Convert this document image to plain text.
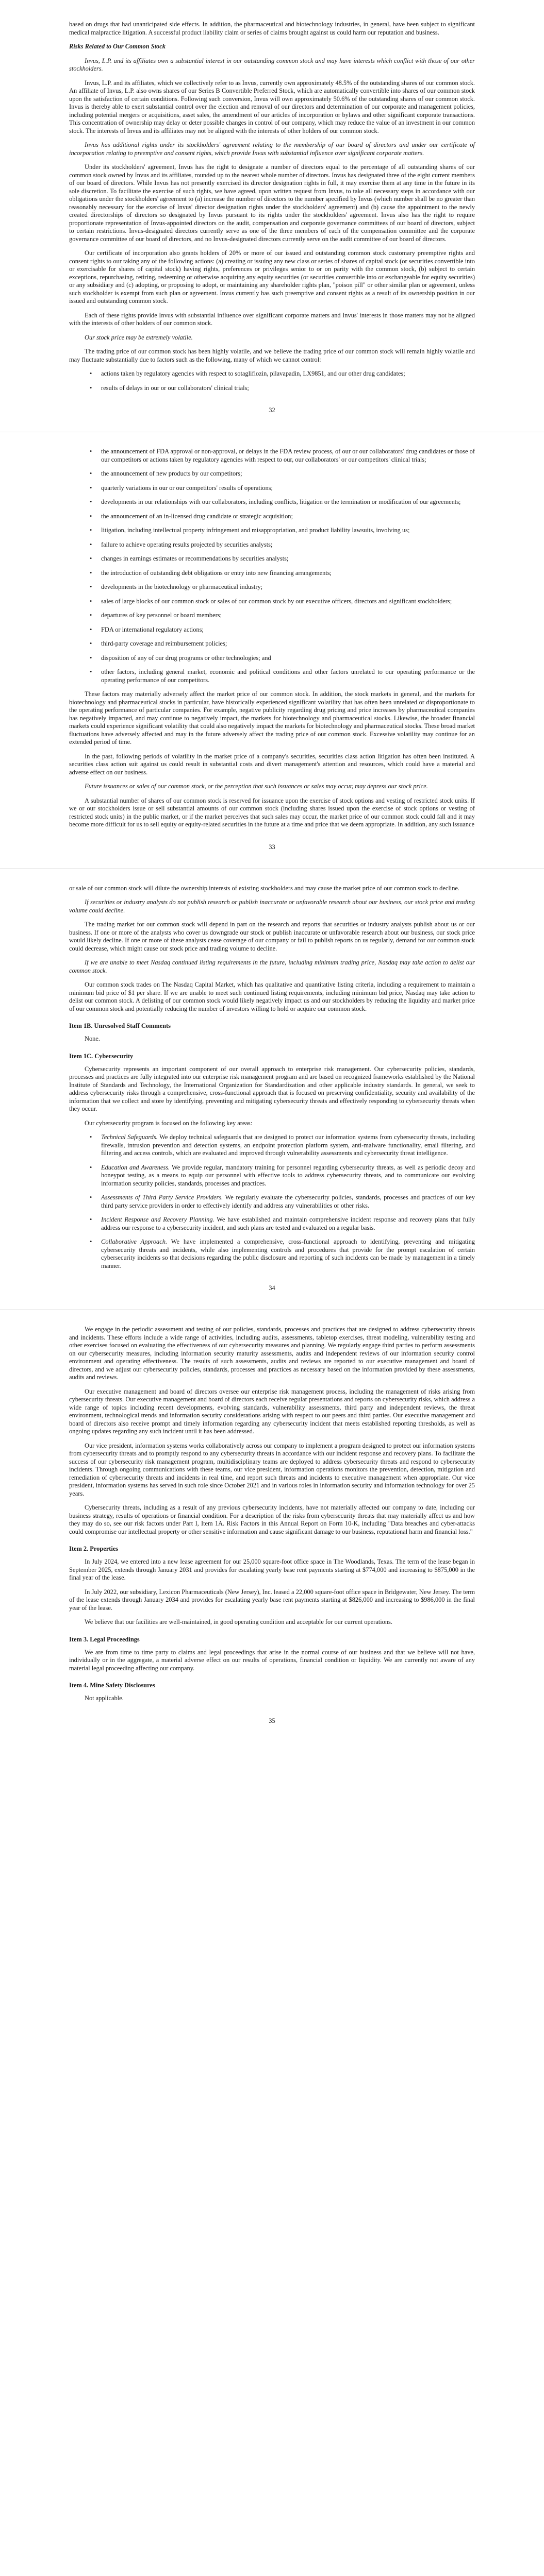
based on drugs that had unanticipated side effects. In addition, the pharmaceutical and biotechnology industries, in general, have been subject to significant medical malpractice litigation. A successful product liability claim or series of claims brought against us could harm our reputation and business.

Risks Related to Our Common Stock

Invus, L.P. and its affiliates own a substantial interest in our outstanding common stock and may have interests which conflict with those of our other stockholders.

Invus, L.P. and its affiliates, which we collectively refer to as Invus, currently own approximately 48.5% of the outstanding shares of our common stock. An affiliate of Invus, L.P. also owns shares of our Series B Convertible Preferred Stock, which are automatically convertible into shares of our common stock upon the satisfaction of certain conditions. Following such conversion, Invus will own approximately 50.6% of the outstanding shares of our common stock. Invus is thereby able to exert substantial control over the election and removal of our directors and determination of our corporate and management policies, including potential mergers or acquisitions, asset sales, the amendment of our articles of incorporation or bylaws and other significant corporate transactions. This concentration of ownership may delay or deter possible changes in control of our company, which may reduce the value of an investment in our common stock. The interests of Invus and its affiliates may not be aligned with the interests of other holders of our common stock.

Invus has additional rights under its stockholders' agreement relating to the membership of our board of directors and under our certificate of incorporation relating to preemptive and consent rights, which provide Invus with substantial influence over significant corporate matters.

Under its stockholders' agreement, Invus has the right to designate a number of directors equal to the percentage of all outstanding shares of our common stock owned by Invus and its affiliates, rounded up to the nearest whole number of directors. Invus has designated three of the eight current members of our board of directors. While Invus has not presently exercised its director designation rights in full, it may exercise them at any time in the future in its sole discretion. To facilitate the exercise of such rights, we have agreed, upon written request from Invus, to take all necessary steps in accordance with our obligations under the stockholders' agreement to (a) increase the number of directors to the number specified by Invus (which number shall be no greater than reasonably necessary for the exercise of Invus' director designation rights under the stockholders' agreement) and (b) cause the appointment to the newly created directorships of directors so designated by Invus pursuant to its rights under the stockholders' agreement. Invus also has the right to require proportionate representation of Invus-appointed directors on the audit, compensation and corporate governance committees of our board of directors, subject to certain restrictions. Invus-designated directors currently serve as one of the three members of each of the compensation committee and the corporate governance committee of our board of directors, and no Invus-designated directors currently serve on the audit committee of our board of directors.

Our certificate of incorporation also grants holders of 20% or more of our issued and outstanding common stock customary preemptive rights and consent rights to our taking any of the following actions: (a) creating or issuing any new class or series of shares of capital stock (or securities convertible into or exercisable for shares of capital stock) having rights, preferences or privileges senior to or on parity with the common stock, (b) subject to certain exceptions, repurchasing, retiring, redeeming or otherwise acquiring any equity securities (or securities convertible into or exchangeable for equity securities) or any subsidiary and (c) adopting, or proposing to adopt, or maintaining any shareholder rights plan, "poison pill" or other similar plan or agreement, unless such stockholder is exempt from such plan or agreement. Invus currently has such preemptive and consent rights as a result of its ownership position in our issued and outstanding common stock.

Each of these rights provide Invus with substantial influence over significant corporate matters and Invus' interests in those matters may not be aligned with the interests of other holders of our common stock.

Our stock price may be extremely volatile.

The trading price of our common stock has been highly volatile, and we believe the trading price of our common stock will remain highly volatile and may fluctuate substantially due to factors such as the following, many of which we cannot control:

• actions taken by regulatory agencies with respect to sotagliflozin, pilavapadin, LX9851, and our other drug candidates;
• results of delays in our or our collaborators' clinical trials;
32
• the announcement of FDA approval or non-approval, or delays in the FDA review process, of our or our collaborators' drug candidates or those of our competitors or actions taken by regulatory agencies with respect to our, our collaborators' or our competitors' clinical trials;
• the announcement of new products by our competitors;
• quarterly variations in our or our competitors' results of operations;
• developments in our relationships with our collaborators, including conflicts, litigation or the termination or modification of our agreements;
• the announcement of an in-licensed drug candidate or strategic acquisition;
• litigation, including intellectual property infringement and misappropriation, and product liability lawsuits, involving us;
• failure to achieve operating results projected by securities analysts;
• changes in earnings estimates or recommendations by securities analysts;
• the introduction of outstanding debt obligations or entry into new financing arrangements;
• developments in the biotechnology or pharmaceutical industry;
• sales of large blocks of our common stock or sales of our common stock by our executive officers, directors and significant stockholders;
• departures of key personnel or board members;
• FDA or international regulatory actions;
• third-party coverage and reimbursement policies;
• disposition of any of our drug programs or other technologies; and
• other factors, including general market, economic and political conditions and other factors unrelated to our operating performance or the operating performance of our competitors.

These factors may materially adversely affect the market price of our common stock. In addition, the stock markets in general, and the markets for biotechnology and pharmaceutical stocks in particular, have historically experienced significant volatility that has often been unrelated or disproportionate to the operating performance of particular companies. For example, negative publicity regarding drug pricing and price increases by pharmaceutical companies has negatively impacted, and may continue to negatively impact, the markets for biotechnology and pharmaceutical stocks. Likewise, the broader financial markets could experience significant volatility that could also negatively impact the markets for biotechnology and pharmaceutical stocks. These broad market fluctuations have adversely affected and may in the future adversely affect the trading price of our common stock. Excessive volatility may continue for an extended period of time.

In the past, following periods of volatility in the market price of a company's securities, securities class action litigation has often been instituted. A securities class action suit against us could result in substantial costs and divert management's attention and resources, which could have a material and adverse effect on our business.

Future issuances or sales of our common stock, or the perception that such issuances or sales may occur, may depress our stock price.

A substantial number of shares of our common stock is reserved for issuance upon the exercise of stock options and vesting of restricted stock units. If we or our stockholders issue or sell substantial amounts of our common stock (including shares issued upon the exercise of stock options or vesting of restricted stock units) in the public market, or if the market perceives that such sales may occur, the market price of our common stock could fall and it may become more difficult for us to sell equity or equity-related securities in the future at a time and price that we deem appropriate. In addition, any such issuance

33

or sale of our common stock will dilute the ownership interests of existing stockholders and may cause the market price of our common stock to decline.

If securities or industry analysts do not publish research or publish inaccurate or unfavorable research about our business, our stock price and trading volume could decline.

The trading market for our common stock will depend in part on the research and reports that securities or industry analysts publish about us or our business. If one or more of the analysts who cover us downgrade our stock or publish inaccurate or unfavorable research about our business, our stock price would likely decline. If one or more of these analysts cease coverage of our company or fail to publish reports on us regularly, demand for our common stock could decrease, which might cause our stock price and trading volume to decline.

If we are unable to meet Nasdaq continued listing requirements in the future, including minimum trading price, Nasdaq may take action to delist our common stock.

Our common stock trades on The Nasdaq Capital Market, which has qualitative and quantitative listing criteria, including a requirement to maintain a minimum bid price of $1 per share. If we are unable to meet such continued listing requirements, including minimum bid price, Nasdaq may take action to delist our common stock. A delisting of our common stock would likely negatively impact us and our stockholders by reducing the liquidity and market price of our common stock and potentially reducing the number of investors willing to hold or acquire our common stock.

Item 1B. Unresolved Staff Comments

None.

Item 1C. Cybersecurity

Cybersecurity represents an important component of our overall approach to enterprise risk management. Our cybersecurity policies, standards, processes and practices are fully integrated into our enterprise risk management program and are based on recognized frameworks established by the National Institute of Standards and Technology, the International Organization for Standardization and other applicable industry standards. In general, we seek to address cybersecurity risks through a comprehensive, cross-functional approach that is focused on preserving confidentiality, security and availability of the information that we collect and store by identifying, preventing and mitigating cybersecurity threats and effectively responding to cybersecurity threats when they occur.

Our cybersecurity program is focused on the following key areas:

• Technical Safeguards. We deploy technical safeguards that are designed to protect our information systems from cybersecurity threats, including firewalls, intrusion prevention and detection systems, an endpoint protection platform system, anti-malware functionality, email filtering, and filtering and access controls, which are evaluated and improved through vulnerability assessments and cybersecurity threat intelligence.
• Education and Awareness. We provide regular, mandatory training for personnel regarding cybersecurity threats, as well as periodic decoy and honeypot testing, as a means to equip our personnel with effective tools to address cybersecurity threats, and to communicate our evolving information security policies, standards, processes and practices.
• Assessments of Third Party Service Providers. We regularly evaluate the cybersecurity policies, standards, processes and practices of our key third party service providers in order to effectively identify and address any vulnerabilities or other risks.
• Incident Response and Recovery Planning. We have established and maintain comprehensive incident response and recovery plans that fully address our response to a cybersecurity incident, and such plans are tested and evaluated on a regular basis.
• Collaborative Approach. We have implemented a comprehensive, cross-functional approach to identifying, preventing and mitigating cybersecurity threats and incidents, while also implementing controls and procedures that provide for the prompt escalation of certain cybersecurity incidents so that decisions regarding the public disclosure and reporting of such incidents can be made by management in a timely manner.
34

We engage in the periodic assessment and testing of our policies, standards, processes and practices that are designed to address cybersecurity threats and incidents. These efforts include a wide range of activities, including audits, assessments, tabletop exercises, threat modeling, vulnerability testing and other exercises focused on evaluating the effectiveness of our cybersecurity measures and planning. We regularly engage third parties to perform assessments on our cybersecurity measures, including information security maturity assessments, audits and independent reviews of our information security control environment and operating effectiveness. The results of such assessments, audits and reviews are reported to our executive management and board of directors, and we adjust our cybersecurity policies, standards, processes and practices as necessary based on the information provided by these assessments, audits and reviews.

Our executive management and board of directors oversee our enterprise risk management process, including the management of risks arising from cybersecurity threats. Our executive management and board of directors each receive regular presentations and reports on cybersecurity risks, which address a wide range of topics including recent developments, evolving standards, vulnerability assessments, third party and independent reviews, the threat environment, technological trends and information security considerations arising with respect to our peers and third parties. Our executive management and board of directors also receive prompt and timely information regarding any cybersecurity incident that meets established reporting thresholds, as well as ongoing updates regarding any such incident until it has been addressed.

Our vice president, information systems works collaboratively across our company to implement a program designed to protect our information systems from cybersecurity threats and to promptly respond to any cybersecurity threats in accordance with our incident response and recovery plans. To facilitate the success of our cybersecurity risk management program, multidisciplinary teams are deployed to address cybersecurity threats and respond to cybersecurity incidents. Through ongoing communications with these teams, our vice president, information operations monitors the prevention, detection, mitigation and remediation of cybersecurity threats and incidents in real time, and report such threats and incidents to executive management when appropriate. Our vice president, information systems has served in such role since October 2021 and in various roles in information security and information technology for over 25 years.

Cybersecurity threats, including as a result of any previous cybersecurity incidents, have not materially affected our company to date, including our business strategy, results of operations or financial condition. For a description of the risks from cybersecurity threats that may materially affect us and how they may do so, see our risk factors under Part I, Item 1A. Risk Factors in this Annual Report on Form 10-K, including "Data breaches and cyber-attacks could compromise our intellectual property or other sensitive information and cause significant damage to our business, reputational harm and financial loss."

Item 2. Properties

In July 2024, we entered into a new lease agreement for our 25,000 square-foot office space in The Woodlands, Texas. The term of the lease began in September 2025, extends through January 2031 and provides for escalating yearly base rent payments starting at $774,000 and increasing to $875,000 in the final year of the lease.

In July 2022, our subsidiary, Lexicon Pharmaceuticals (New Jersey), Inc. leased a 22,000 square-foot office space in Bridgewater, New Jersey. The term of the lease extends through January 2034 and provides for escalating yearly base rent payments starting at $826,000 and increasing to $986,000 in the final year of the lease.

We believe that our facilities are well-maintained, in good operating condition and acceptable for our current operations.

Item 3. Legal Proceedings

We are from time to time party to claims and legal proceedings that arise in the normal course of our business and that we believe will not have, individually or in the aggregate, a material adverse effect on our results of operations, financial condition or liquidity. We are currently not aware of any material legal proceeding affecting our company.

Item 4. Mine Safety Disclosures

Not applicable.

35
